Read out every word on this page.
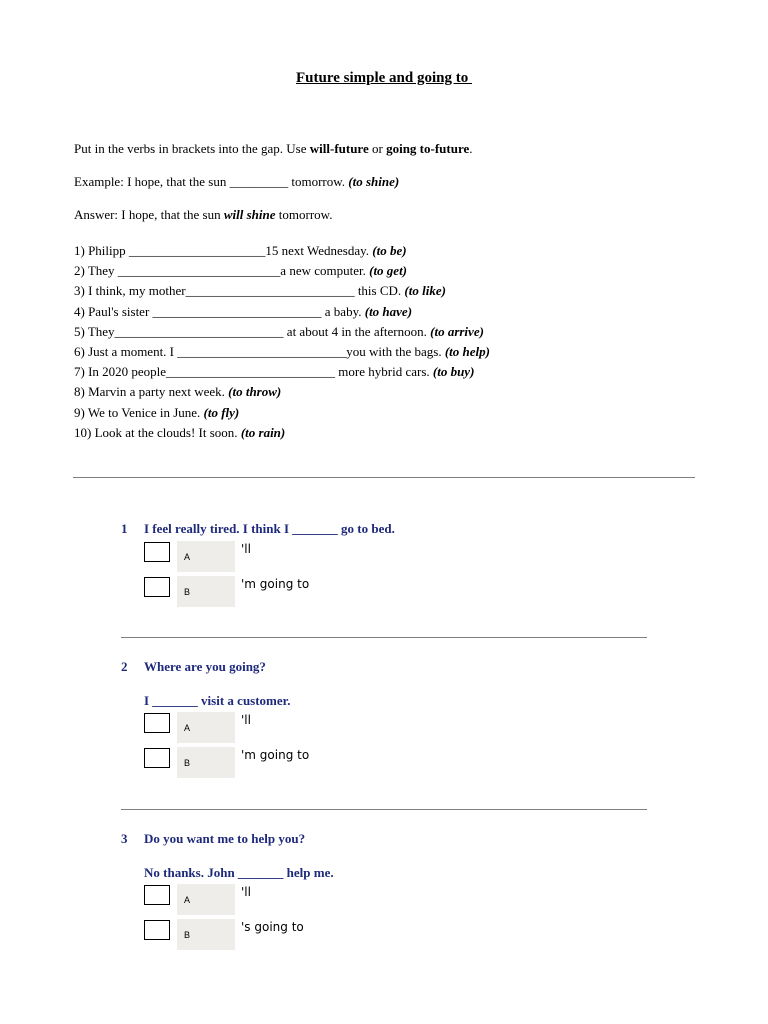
Future simple and going to
Put in the verbs in brackets into the gap. Use will-future or going to-future.
Example: I hope, that the sun _________ tomorrow. (to shine)
Answer: I hope, that the sun will shine tomorrow.
1) Philipp _____________________15 next Wednesday. (to be)
2) They _________________________a new computer. (to get)
3) I think, my mother__________________________ this CD. (to like)
4) Paul's sister __________________________ a baby. (to have)
5) They__________________________ at about 4 in the afternoon. (to arrive)
6) Just a moment. I __________________________you with the bags. (to help)
7) In 2020 people__________________________ more hybrid cars. (to buy)
8) Marvin a party next week. (to throw)
9) We to Venice in June. (to fly)
10) Look at the clouds! It soon. (to rain)
1 I feel really tired. I think I _______ go to bed.
A
'll
B
'm going to
2 Where are you going?
I _______ visit a customer.
A
'll
B
'm going to
3 Do you want me to help you?
No thanks. John _______ help me.
A
'll
B
's going to
